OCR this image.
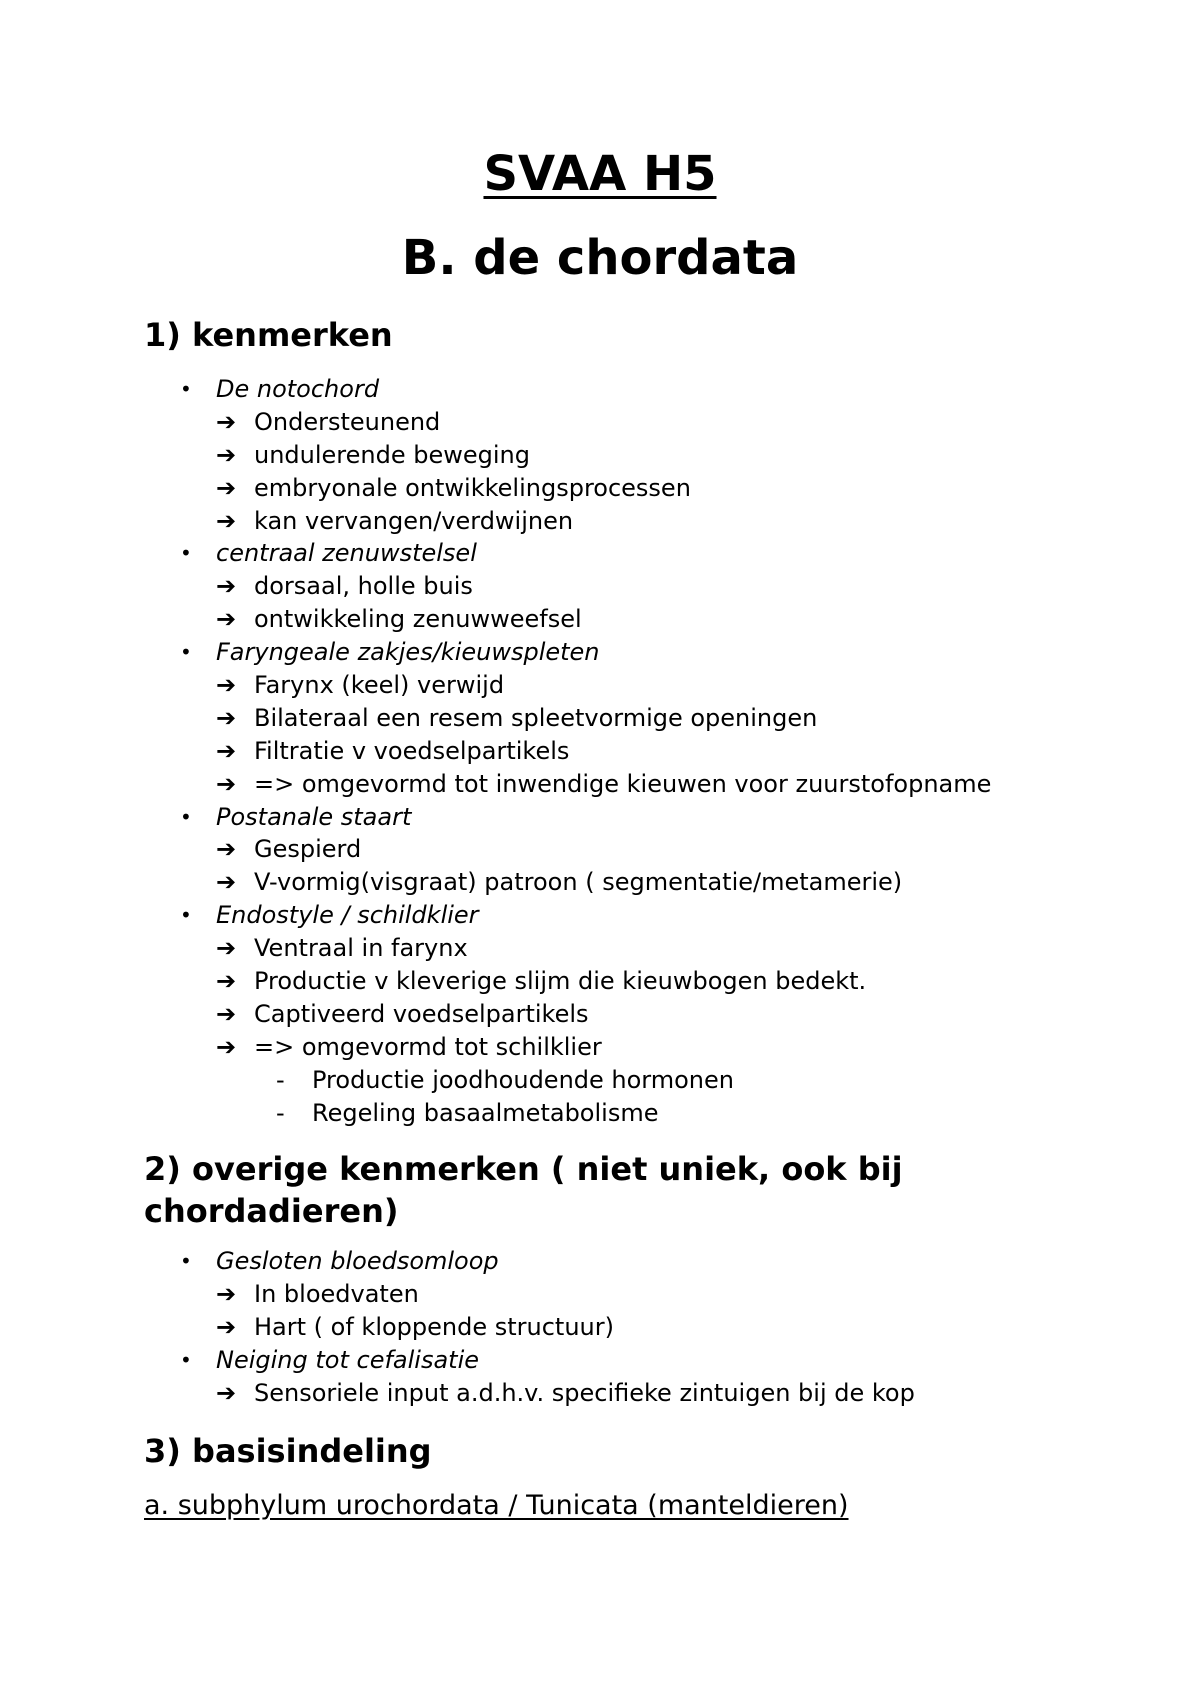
SVAA H5
B. de chordata
1) kenmerken
• De notochord
➔ Ondersteunend
➔ undulerende beweging
➔ embryonale ontwikkelingsprocessen
➔ kan vervangen/verdwijnen
• centraal zenuwstelsel
➔ dorsaal, holle buis
➔ ontwikkeling zenuwweefsel
• Faryngeale zakjes/kieuwspleten
➔ Farynx (keel) verwijd
➔ Bilateraal een resem spleetvormige openingen
➔ Filtratie v voedselpartikels
➔ => omgevormd tot inwendige kieuwen voor zuurstofopname
• Postanale staart
➔ Gespierd
➔ V-vormig(visgraat) patroon ( segmentatie/metamerie)
• Endostyle / schildklier
➔ Ventraal in farynx
➔ Productie v kleverige slijm die kieuwbogen bedekt.
➔ Captiveerd voedselpartikels
➔ => omgevormd tot schilklier
- Productie joodhoudende hormonen
- Regeling basaalmetabolisme
2) overige kenmerken ( niet uniek, ook bij chordadieren)
• Gesloten bloedsomloop
➔ In bloedvaten
➔ Hart ( of kloppende structuur)
• Neiging tot cefalisatie
➔ Sensoriele input a.d.h.v. specifieke zintuigen bij de kop
3) basisindeling

a. subphylum urochordata / Tunicata (manteldieren)
